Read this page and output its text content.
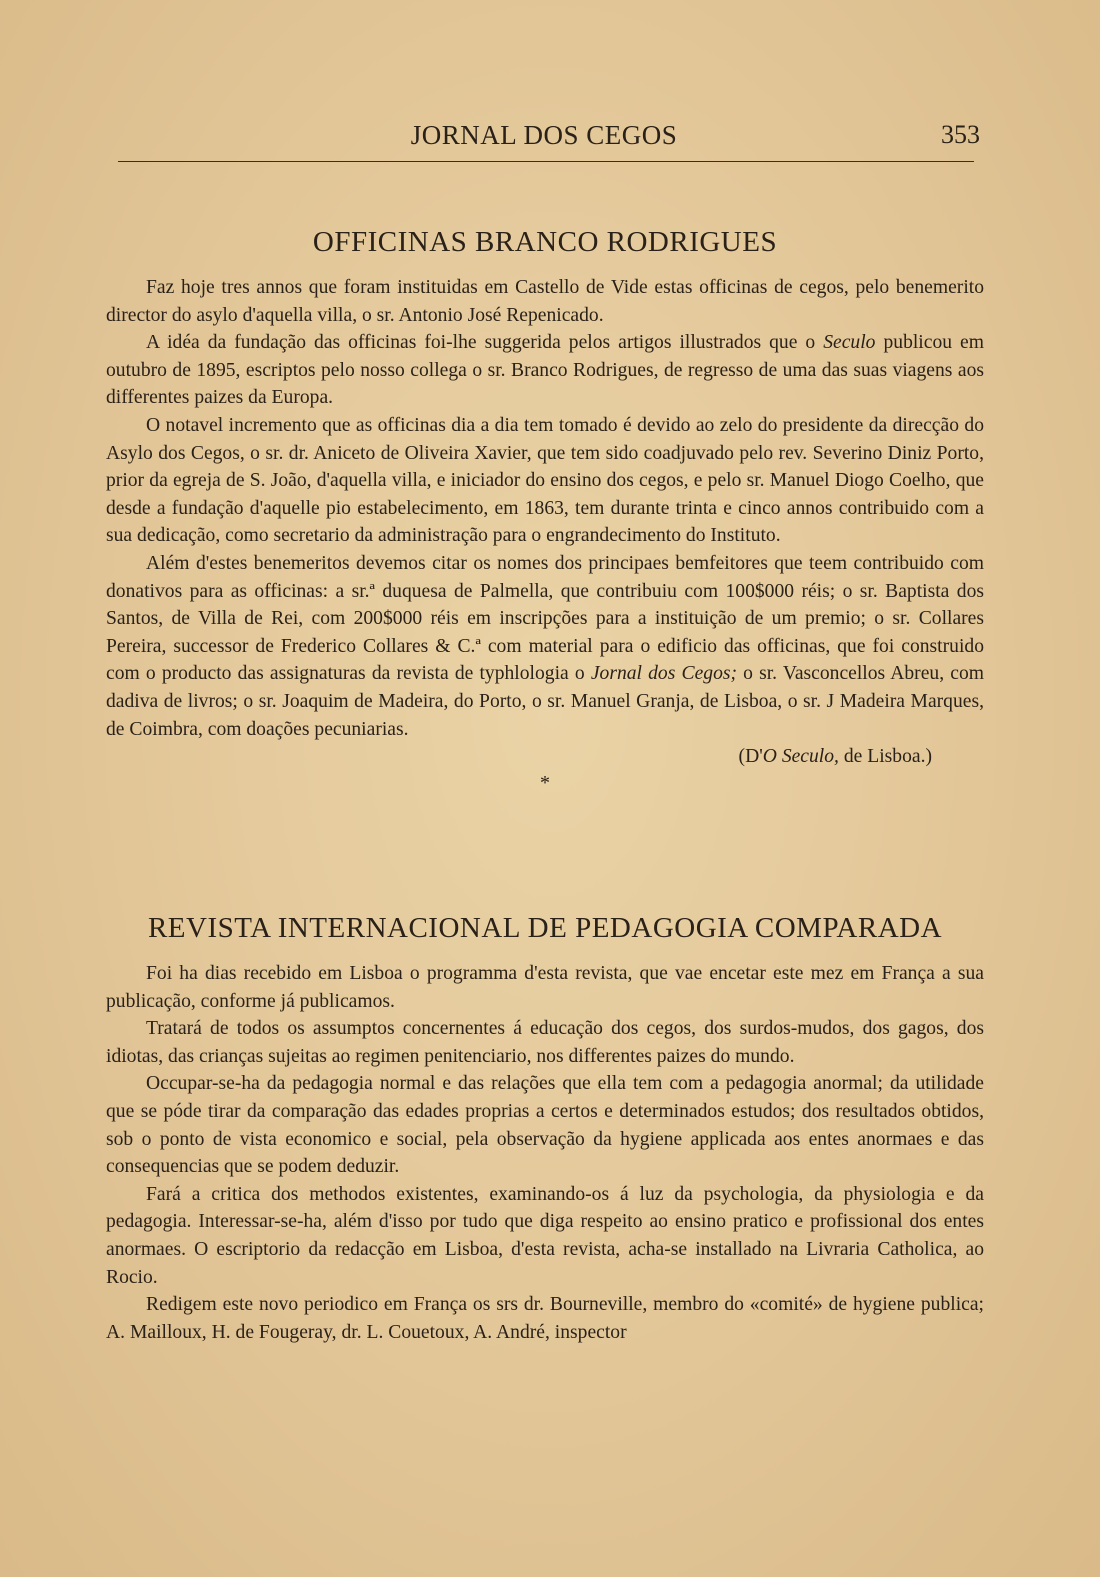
JORNAL DOS CEGOS	353
OFFICINAS BRANCO RODRIGUES

Faz hoje tres annos que foram instituidas em Castello de Vide estas officinas de cegos, pelo benemerito director do asylo d'aquella villa, o sr. Antonio José Repenicado.

A idéa da fundação das officinas foi-lhe suggerida pelos artigos illustrados que o Seculo publicou em outubro de 1895, escriptos pelo nosso collega o sr. Branco Rodrigues, de regresso de uma das suas viagens aos differentes paizes da Europa.

O notavel incremento que as officinas dia a dia tem tomado é devido ao zelo do presidente da direcção do Asylo dos Cegos, o sr. dr. Aniceto de Oliveira Xavier, que tem sido coadjuvado pelo rev. Severino Diniz Porto, prior da egreja de S. João, d'aquella villa, e iniciador do ensino dos cegos, e pelo sr. Manuel Diogo Coelho, que desde a fundação d'aquelle pio estabelecimento, em 1863, tem durante trinta e cinco annos contribuido com a sua dedicação, como secretario da administração para o engrandecimento do Instituto.

Além d'estes benemeritos devemos citar os nomes dos principaes bemfeitores que teem contribuido com donativos para as officinas: a sr.ª duquesa de Palmella, que contribuiu com 100$000 réis; o sr. Baptista dos Santos, de Villa de Rei, com 200$000 réis em inscripções para a instituição de um premio; o sr. Collares Pereira, successor de Frederico Collares & C.ª com material para o edificio das officinas, que foi construido com o producto das assignaturas da revista de typhlologia o Jornal dos Cegos; o sr. Vasconcellos Abreu, com dadiva de livros; o sr. Joaquim de Madeira, do Porto, o sr. Manuel Granja, de Lisboa, o sr. J Madeira Marques, de Coimbra, com doações pecuniarias.

(D'O Seculo, de Lisboa.)

*

REVISTA INTERNACIONAL DE PEDAGOGIA COMPARADA

Foi ha dias recebido em Lisboa o programma d'esta revista, que vae encetar este mez em França a sua publicação, conforme já publicamos.

Tratará de todos os assumptos concernentes á educação dos cegos, dos surdos-mudos, dos gagos, dos idiotas, das crianças sujeitas ao regimen penitenciario, nos differentes paizes do mundo.

Occupar-se-ha da pedagogia normal e das relações que ella tem com a pedagogia anormal; da utilidade que se póde tirar da comparação das edades proprias a certos e determinados estudos; dos resultados obtidos, sob o ponto de vista economico e social, pela observação da hygiene applicada aos entes anormaes e das consequencias que se podem deduzir.

Fará a critica dos methodos existentes, examinando-os á luz da psychologia, da physiologia e da pedagogia. Interessar-se-ha, além d'isso por tudo que diga respeito ao ensino pratico e profissional dos entes anormaes. O escriptorio da redacção em Lisboa, d'esta revista, acha-se installado na Livraria Catholica, ao Rocio.

Redigem este novo periodico em França os srs dr. Bourneville, membro do «comité» de hygiene publica; A. Mailloux, H. de Fougeray, dr. L. Couetoux, A. André, inspector
